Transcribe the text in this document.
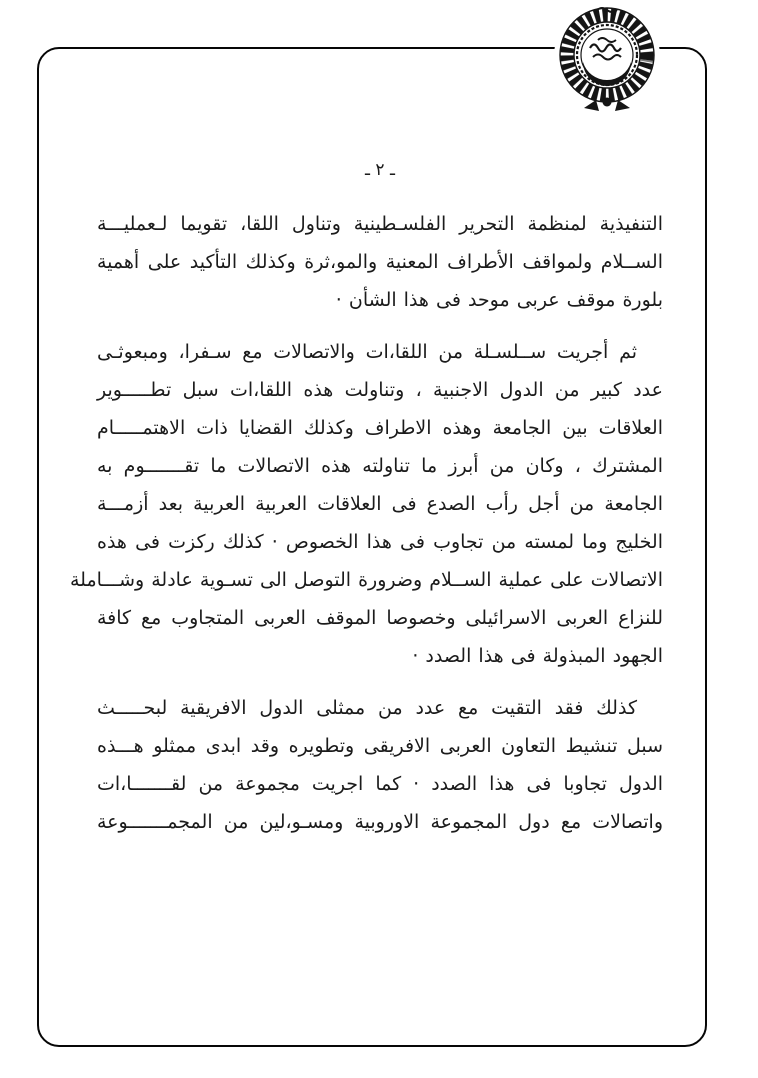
ـ ٢ ـ
التنفيذية لمنظمة التحرير الفلسـطينية وتناول اللقا، تقويما لـعمليـــة
الســلام ولمواقف الأطراف المعنية والمو،ثرة وكذلك التأكيد على أهمية
بلورة موقف عربى موحد فى هذا الشأن ·
ثم أجريت ســلسـلة من اللقا،ات والاتصالات مع سـفرا، ومبعوثـى
عدد كبير من الدول الاجنبية ، وتناولت هذه اللقا،ات سبل تطـــــوير
العلاقات بين الجامعة وهذه الاطراف وكذلك القضايا ذات الاهتمـــــام
المشترك ، وكان من أبرز ما تناولته هذه الاتصالات ما تقـــــــوم به
الجامعة من أجل رأب الصدع فى العلاقات العربية العربية بعد أزمـــة
الخليج وما لمسته من تجاوب فى هذا الخصوص · كذلك ركزت فى هذه
الاتصالات على عملية الســلام وضرورة التوصل الى تسـوية عادلة وشـــاملة
للنزاع العربى الاسرائيلى وخصوصا الموقف العربى المتجاوب مع كافة
الجهود المبذولة فى هذا الصدد ·
كذلك فقد التقيت مع عدد من ممثلى الدول الافريقية لبحـــــث
سبل تنشيط التعاون العربى الافريقى وتطويره وقد ابدى ممثلو هـــذه
الدول تجاوبا فى هذا الصدد · كما اجريت مجموعة من لقـــــــا،ات
واتصالات مع دول المجموعة الاوروبية ومسـو،لين من المجمـــــــوعة
